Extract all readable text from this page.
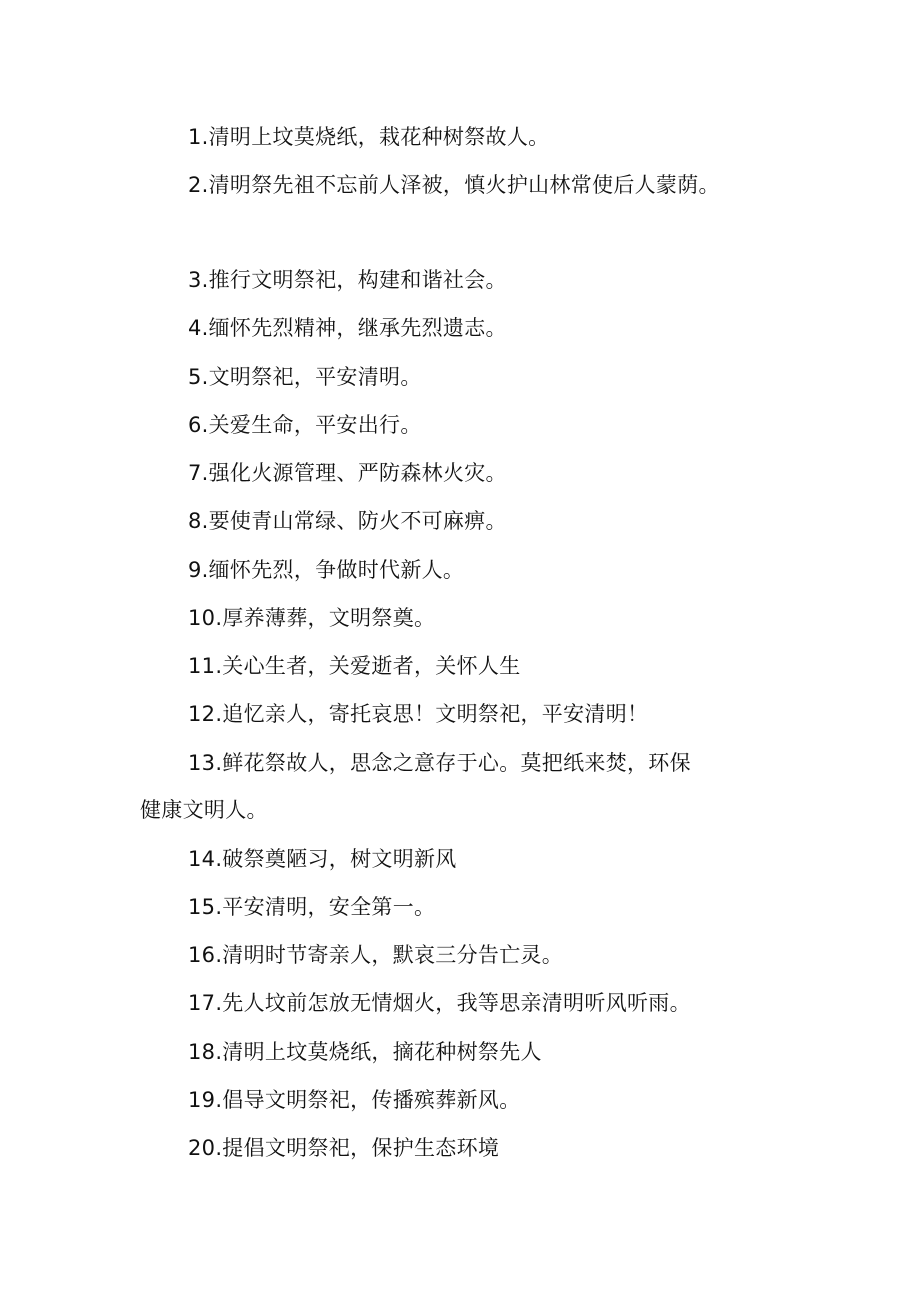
1.清明上坟莫烧纸，栽花种树祭故人。
2.清明祭先祖不忘前人泽被，慎火护山林常使后人蒙荫。
3.推行文明祭祀，构建和谐社会。
4.缅怀先烈精神，继承先烈遗志。
5.文明祭祀，平安清明。
6.关爱生命，平安出行。
7.强化火源管理、严防森林火灾。
8.要使青山常绿、防火不可麻痹。
9.缅怀先烈，争做时代新人。
10.厚养薄葬，文明祭奠。
11.关心生者，关爱逝者，关怀人生
12.追忆亲人，寄托哀思！文明祭祀，平安清明！
13.鲜花祭故人，思念之意存于心。莫把纸来焚，环保
健康文明人。
14.破祭奠陋习，树文明新风
15.平安清明，安全第一。
16.清明时节寄亲人，默哀三分告亡灵。
17.先人坟前怎放无情烟火，我等思亲清明听风听雨。
18.清明上坟莫烧纸，摘花种树祭先人
19.倡导文明祭祀，传播殡葬新风。
20.提倡文明祭祀，保护生态环境
